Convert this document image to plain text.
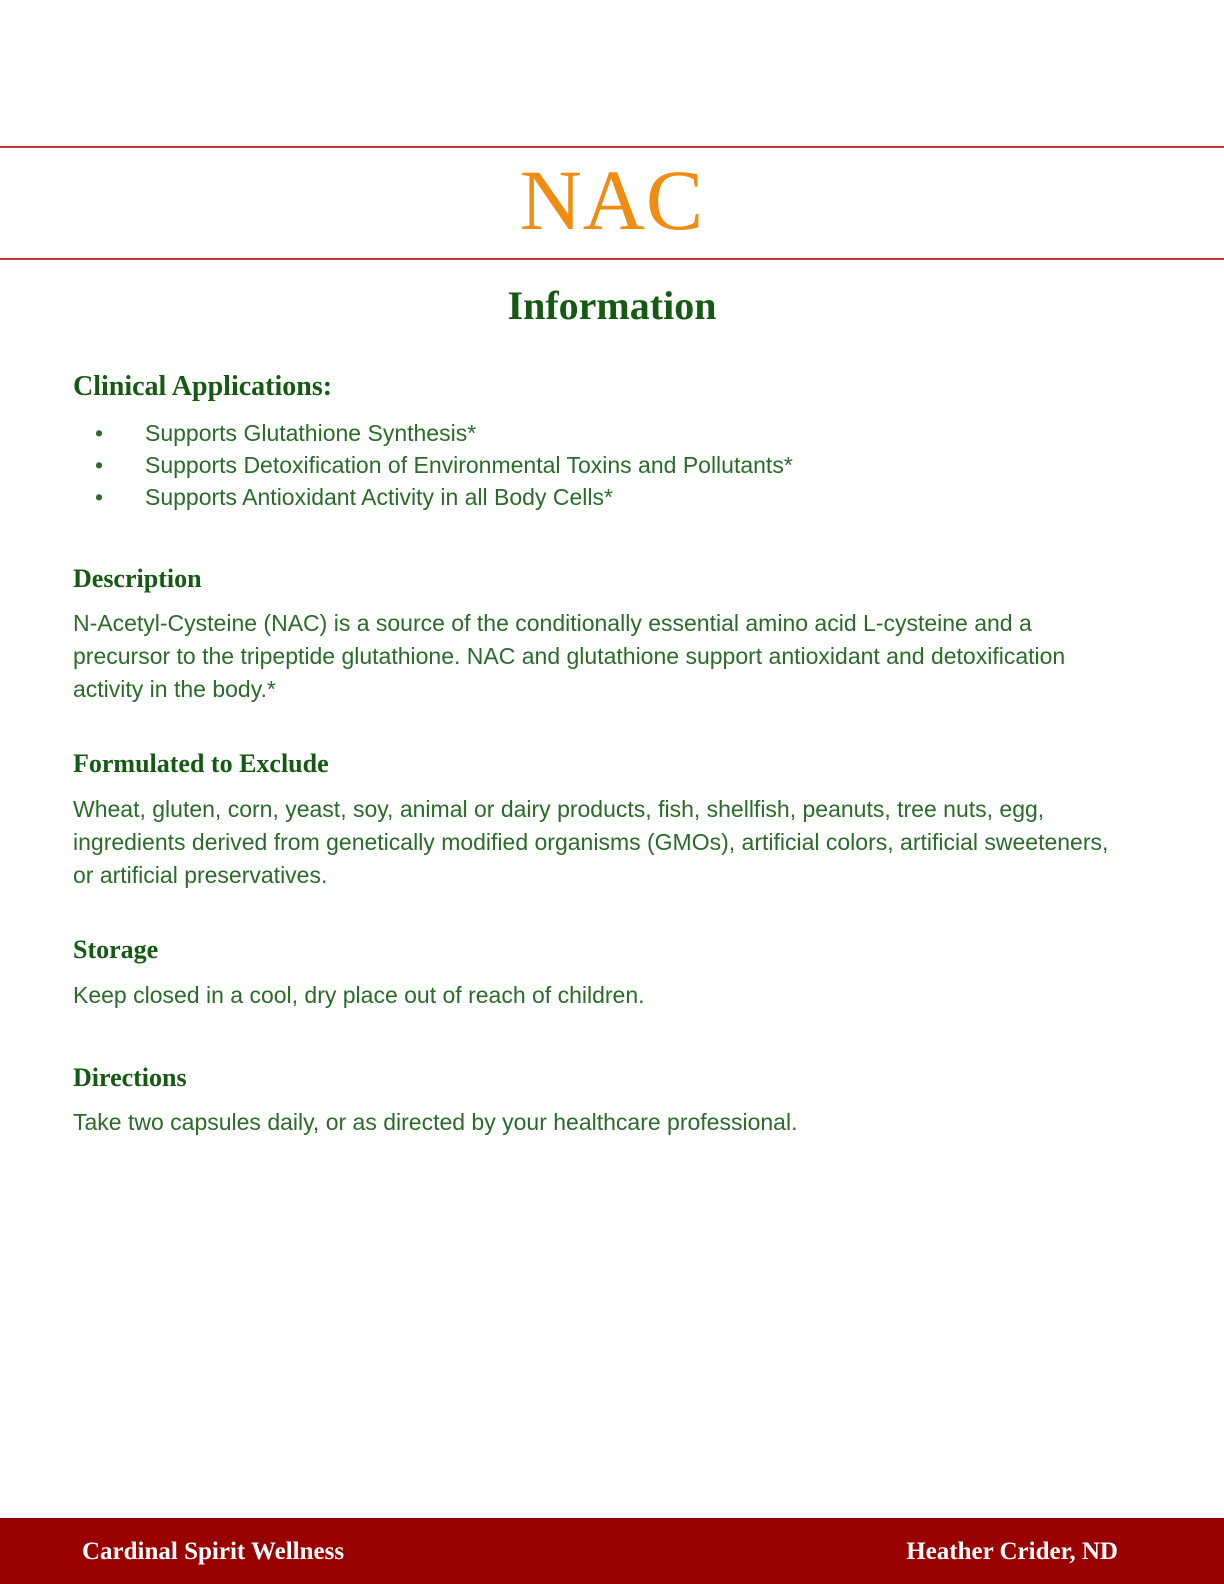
NAC
Information
Clinical Applications:
• Supports Glutathione Synthesis*
• Supports Detoxification of Environmental Toxins and Pollutants*
• Supports Antioxidant Activity in all Body Cells*
Description

N-Acetyl-Cysteine (NAC) is a source of the conditionally essential amino acid L-cysteine and a precursor to the tripeptide glutathione. NAC and glutathione support antioxidant and detoxification activity in the body.*

Formulated to Exclude

Wheat, gluten, corn, yeast, soy, animal or dairy products, fish, shellfish, peanuts, tree nuts, egg, ingredients derived from genetically modified organisms (GMOs), artificial colors, artificial sweeteners, or artificial preservatives.

Storage

Keep closed in a cool, dry place out of reach of children.

Directions

Take two capsules daily, or as directed by your healthcare professional.

Cardinal Spirit Wellness	Heather Crider, ND
